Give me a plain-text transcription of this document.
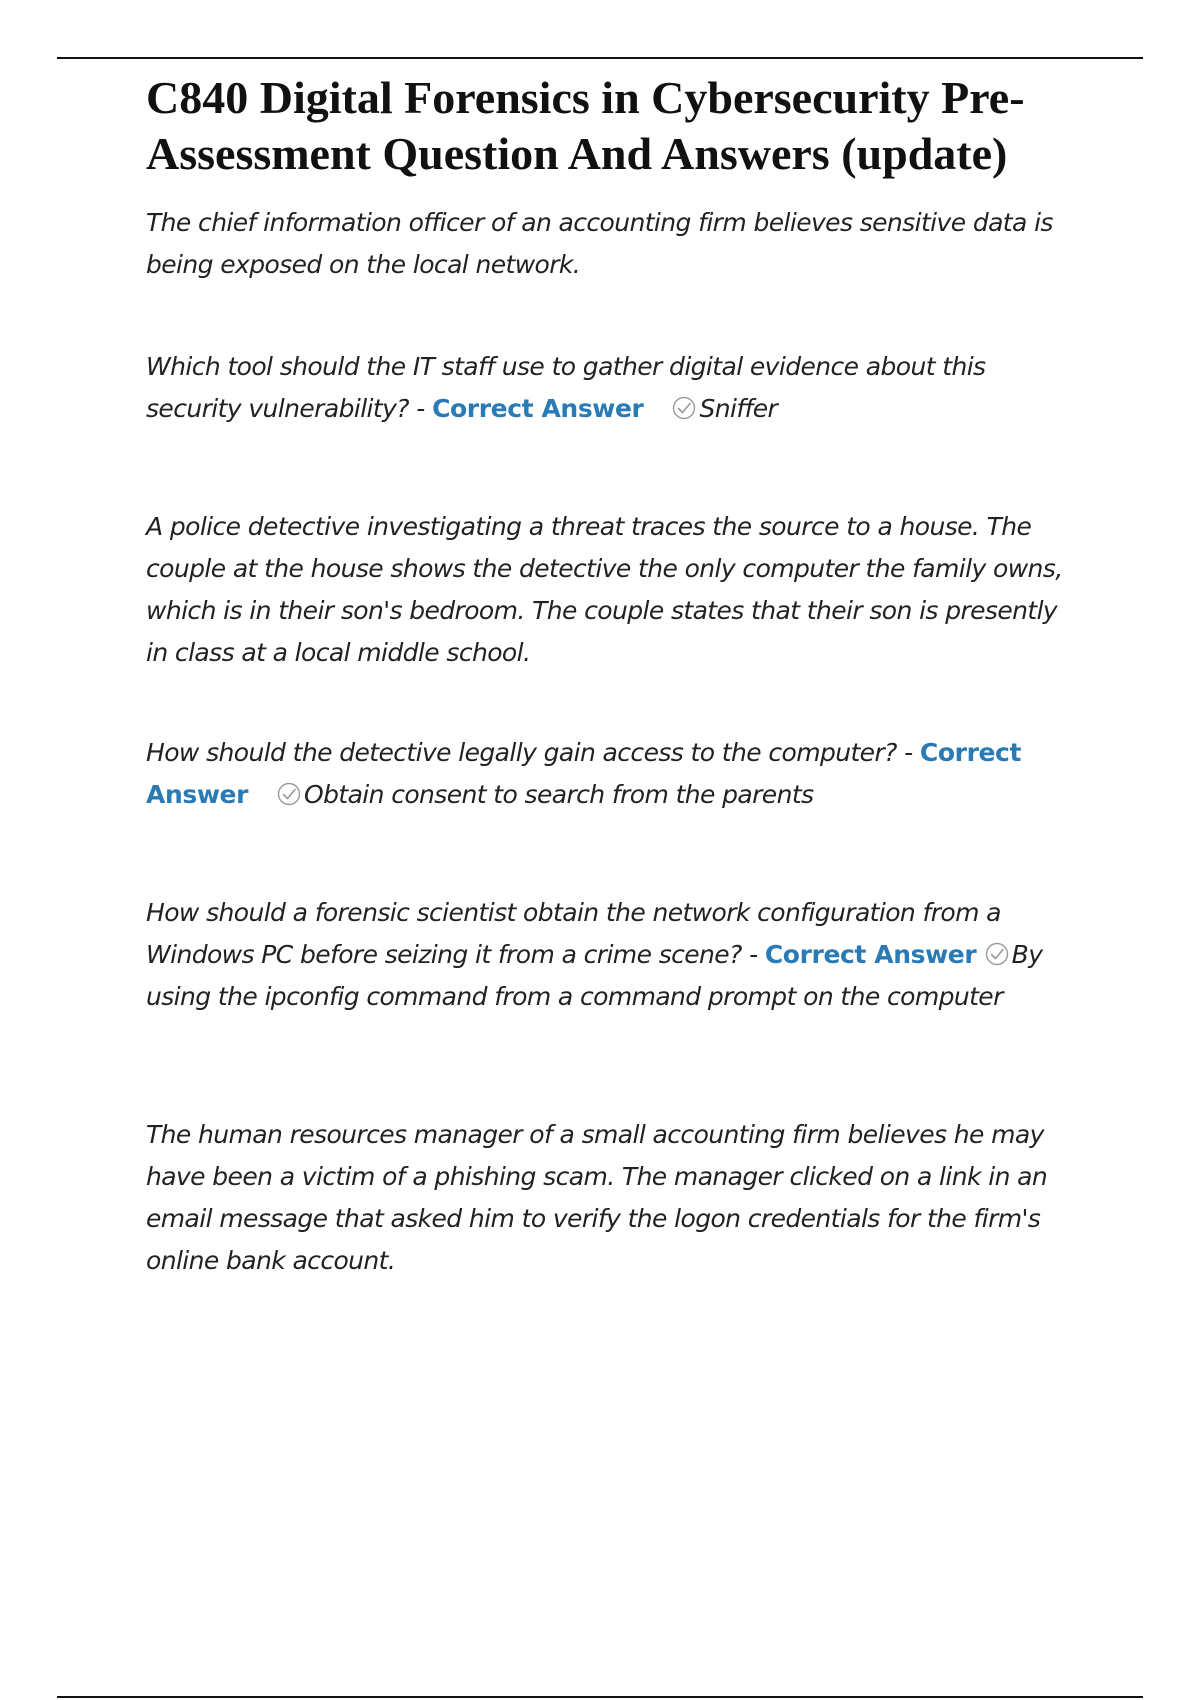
C840 Digital Forensics in Cybersecurity Pre-Assessment Question And Answers (update)

The chief information officer of an accounting firm believes sensitive data is being exposed on the local network.

Which tool should the IT staff use to gather digital evidence about this security vulnerability? - Correct Answer Sniffer

A police detective investigating a threat traces the source to a house. The couple at the house shows the detective the only computer the family owns, which is in their son's bedroom. The couple states that their son is presently in class at a local middle school.

How should the detective legally gain access to the computer? - Correct Answer Obtain consent to search from the parents

How should a forensic scientist obtain the network configuration from a Windows PC before seizing it from a crime scene? - Correct Answer By using the ipconfig command from a command prompt on the computer

The human resources manager of a small accounting firm believes he may have been a victim of a phishing scam. The manager clicked on a link in an email message that asked him to verify the logon credentials for the firm's online bank account.
